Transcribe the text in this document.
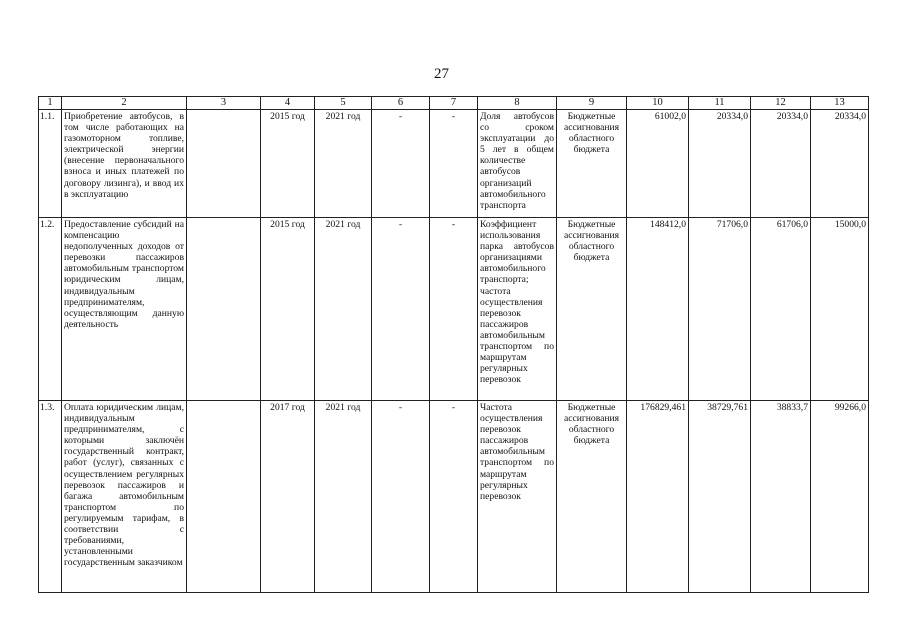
27
1	2	3	4	5	6	7	8	9	10	11	12	13
1.1.	Приобретение автобусов, в том числе работающих на газомоторном топливе, электрической энергии (внесение первоначального взноса и иных платежей по договору лизинга), и ввод их в эксплуатацию		2015 год	2021 год	-	-	Доля автобусов со сроком эксплуатации до 5 лет в общем количестве автобусов организаций автомобильного транспорта	Бюджетные ассигнования областного бюджета	61002,0	20334,0	20334,0	20334,0
1.2.	Предоставление субсидий на компенсацию недополученных доходов от перевозки пассажиров автомобильным транспортом юридическим лицам, индивидуальным предпринимателям, осуществляющим данную деятельность		2015 год	2021 год	-	-	Коэффициент использования парка автобусов организациями автомобильного транспорта; частота осуществления перевозок пассажиров автомобильным транспортом по маршрутам регулярных перевозок	Бюджетные ассигнования областного бюджета	148412,0	71706,0	61706,0	15000,0
1.3.	Оплата юридическим лицам, индивидуальным предпринимателям, с которыми заключён государственный контракт, работ (услуг), связанных с осуществлением регулярных перевозок пассажиров и багажа автомобильным транспортом по регулируемым тарифам, в соответствии с требованиями, установленными государственным заказчиком		2017 год	2021 год	-	-	Частота осуществления перевозок пассажиров автомобильным транспортом по маршрутам регулярных перевозок	Бюджетные ассигнования областного бюджета	176829,461	38729,761	38833,7	99266,0
